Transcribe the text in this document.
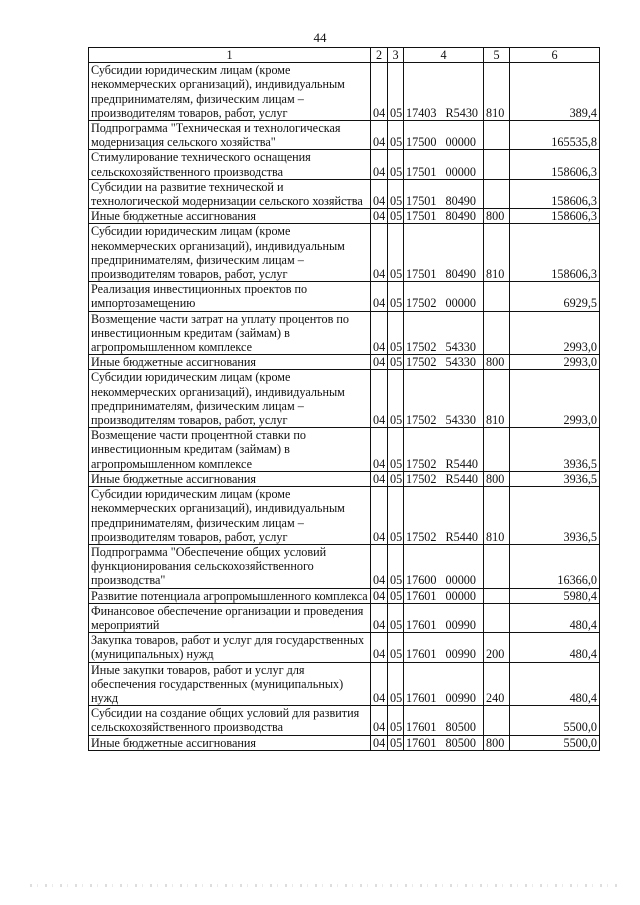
44
1	2	3	4	5	6
Субсидии юридическим лицам (кроме некоммерческих организаций), индивидуальным предпринимателям, физическим лицам – производителям товаров, работ, услуг	04	05	17403 R5430	810	389,4
Подпрограмма "Техническая и технологическая модернизация сельского хозяйства"	04	05	17500 00000		165535,8
Стимулирование технического оснащения сельскохозяйственного производства	04	05	17501 00000		158606,3
Субсидии на развитие технической и технологической модернизации сельского хозяйства	04	05	17501 80490		158606,3
Иные бюджетные ассигнования	04	05	17501 80490	800	158606,3
Субсидии юридическим лицам (кроме некоммерческих организаций), индивидуальным предпринимателям, физическим лицам – производителям товаров, работ, услуг	04	05	17501 80490	810	158606,3
Реализация инвестиционных проектов по импортозамещению	04	05	17502 00000		6929,5
Возмещение части затрат на уплату процентов по инвестиционным кредитам (займам) в агропромышленном комплексе	04	05	17502 54330		2993,0
Иные бюджетные ассигнования	04	05	17502 54330	800	2993,0
Субсидии юридическим лицам (кроме некоммерческих организаций), индивидуальным предпринимателям, физическим лицам – производителям товаров, работ, услуг	04	05	17502 54330	810	2993,0
Возмещение части процентной ставки по инвестиционным кредитам (займам) в агропромышленном комплексе	04	05	17502 R5440		3936,5
Иные бюджетные ассигнования	04	05	17502 R5440	800	3936,5
Субсидии юридическим лицам (кроме некоммерческих организаций), индивидуальным предпринимателям, физическим лицам – производителям товаров, работ, услуг	04	05	17502 R5440	810	3936,5
Подпрограмма "Обеспечение общих условий функционирования сельскохозяйственного производства"	04	05	17600 00000		16366,0
Развитие потенциала агропромышленного комплекса	04	05	17601 00000		5980,4
Финансовое обеспечение организации и проведения мероприятий	04	05	17601 00990		480,4
Закупка товаров, работ и услуг для государственных (муниципальных) нужд	04	05	17601 00990	200	480,4
Иные закупки товаров, работ и услуг для обеспечения государственных (муниципальных) нужд	04	05	17601 00990	240	480,4
Субсидии на создание общих условий для развития сельскохозяйственного производства	04	05	17601 80500		5500,0
Иные бюджетные ассигнования	04	05	17601 80500	800	5500,0
